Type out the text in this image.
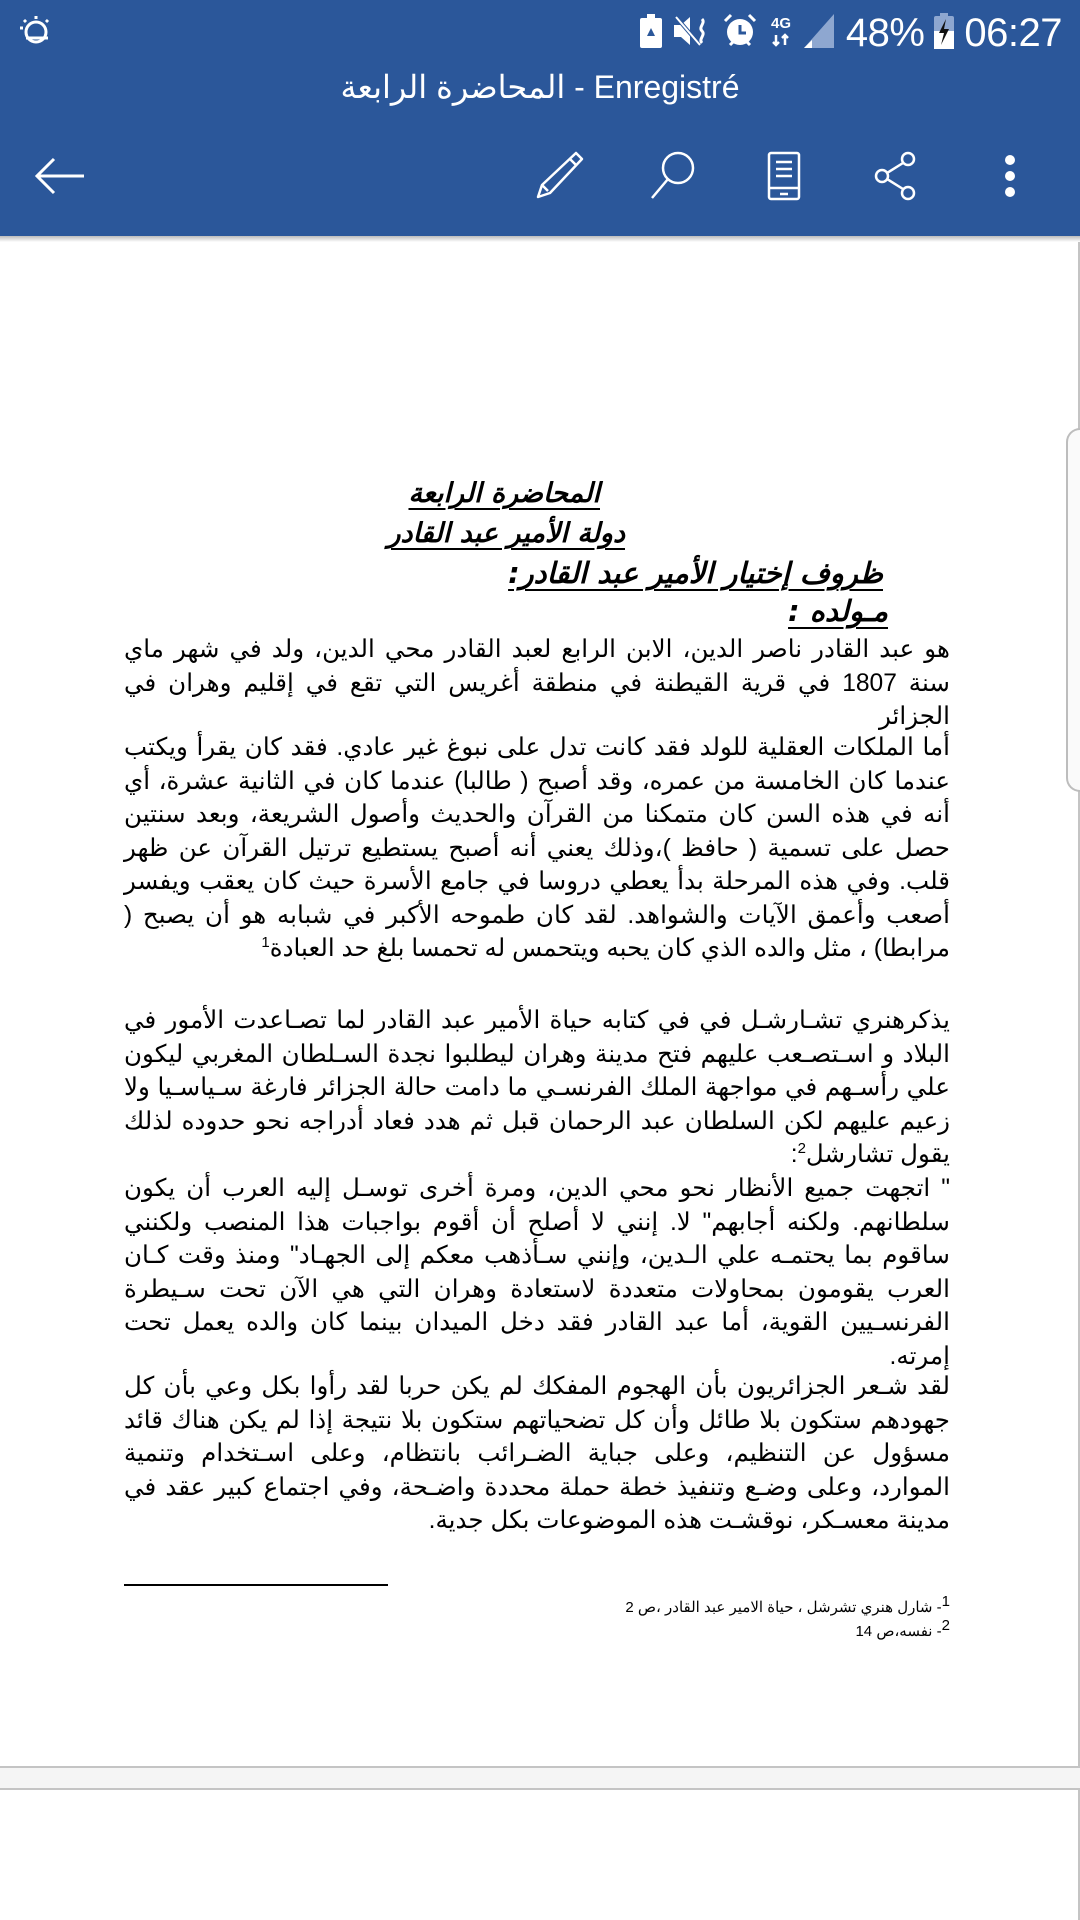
4G 48% 06:27
المحاضرة الرابعة - Enregistré
المحاضرة الرابعة
دولة الأمير عبد القادر
ظروف إختيار الأمير عبد القادر:
مـولده :
هو عبد القادر ناصر الدين، الابن الرابع لعبد القادر محي الدين، ولد في شهر ماي سنة 1807 في قرية القيطنة في منطقة أغريس التي تقع في إقليم وهران في الجزائر
أما الملكات العقلية للولد فقد كانت تدل على نبوغ غير عادي. فقد كان يقرأ ويكتب عندما كان الخامسة من عمره، وقد أصبح ( طالبا) عندما كان في الثانية عشرة، أي أنه في هذه السن كان متمكنا من القرآن والحديث وأصول الشريعة، وبعد سنتين حصل على تسمية ( حافظ )،وذلك يعني أنه أصبح يستطيع ترتيل القرآن عن ظهر قلب. وفي هذه المرحلة بدأ يعطي دروسا في جامع الأسرة حيث كان يعقب ويفسر أصعب وأعمق الآيات والشواهد. لقد كان طموحه الأكبر في شبابه هو أن يصبح ( مرابطا) ، مثل والده الذي كان يحبه ويتحمس له تحمسا بلغ حد العبادة$^1$
يذكرهنري تشـارشـل في في كتابه حياة الأمير عبد القادر لما تصـاعدت الأمور في البلاد و اسـتصـعب عليهم فتح مدينة وهران ليطلبوا نجدة السـلطان المغربي ليكون علي رأسـهم في مواجهة الملك الفرنسـي ما دامت حالة الجزائر فارغة سـياسـيا ولا زعيم عليهم لكن السلطان عبد الرحمان قبل ثم هدد فعاد أدراجه نحو حدوده لذلك يقول تشارشل$^2$:
" اتجهت جميع الأنظار نحو محي الدين، ومرة أخرى توسـل إليه العرب أن يكون سلطانهم. ولكنه أجابهم" لا. إنني لا أصلح أن أقوم بواجبات هذا المنصب ولكنني ساقوم بما يحتمـه علي الـدين، وإنني سـأذهب معكم إلى الجهـاد" ومنذ وقت كـان العرب يقومون بمحاولات متعددة لاستعادة وهران التي هي الآن تحت سـيطرة الفرنسـيين القوية، أما عبد القادر فقد دخل الميدان بينما كان والده يعمل تحت إمرته.
لقد شـعر الجزائريون بأن الهجوم المفكك لم يكن حربا لقد رأوا بكل وعي بأن كل جهودهم ستكون بلا طائل وأن كل تضحياتهم ستكون بلا نتيجة إذا لم يكن هناك قائد مسؤول عن التنظيم، وعلى جباية الضـرائب بانتظام، وعلى اسـتخدام وتنمية الموارد، وعلى وضـع وتنفيذ خطة حملة محددة واضـحة، وفي اجتماع كبير عقد في مدينة معسـكر، نوقشـت هذه الموضوعات بكل جدية.
$^1$- شارل هنري تشرشل ، حياة الامير عبد القادر ،ص 2
$^2$- نفسه،ص 14
